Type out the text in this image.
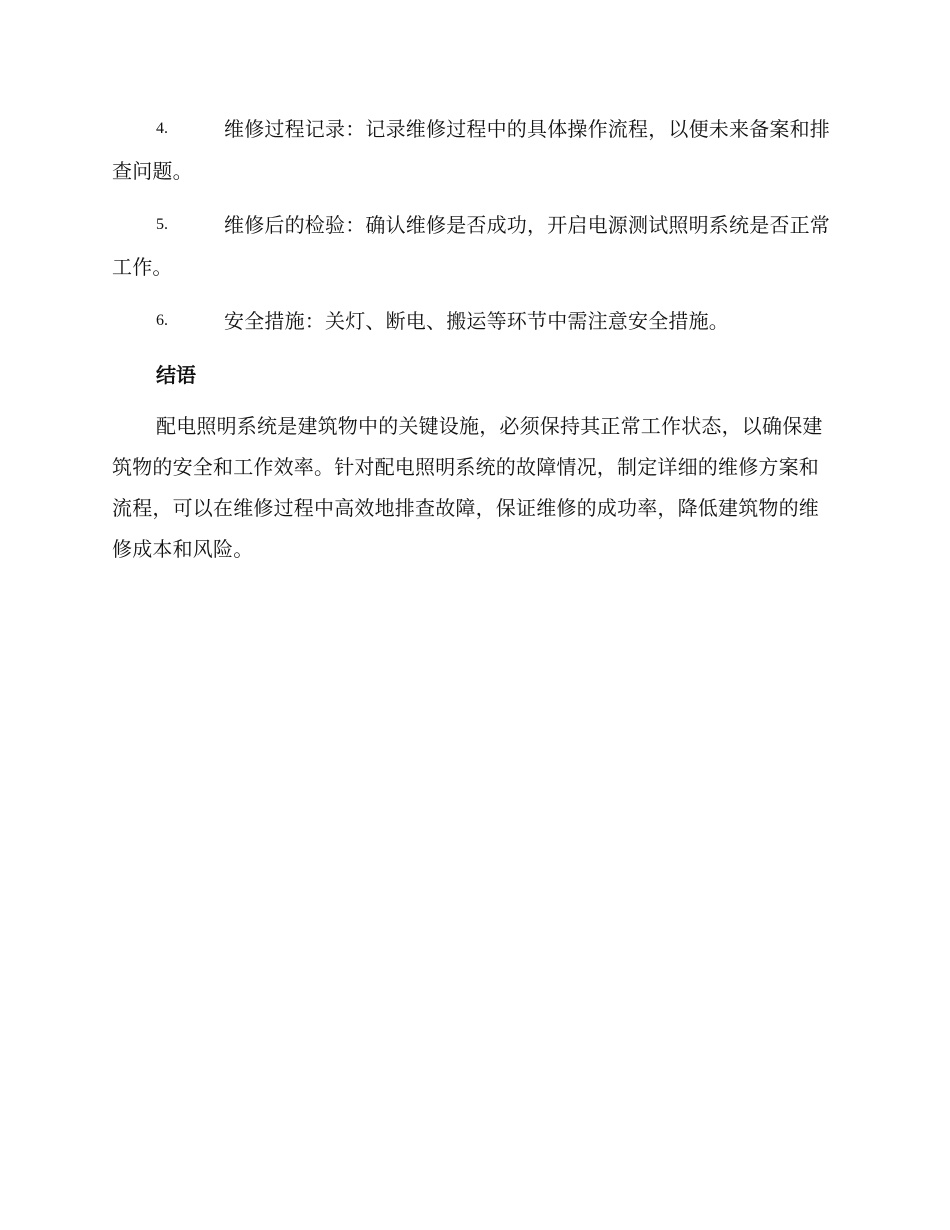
4.	维修过程记录：记录维修过程中的具体操作流程，以便未来备案和排查问题。
5.	维修后的检验：确认维修是否成功，开启电源测试照明系统是否正常工作。
6.	安全措施：关灯、断电、搬运等环节中需注意安全措施。
结语

配电照明系统是建筑物中的关键设施，必须保持其正常工作状态，以确保建筑物的安全和工作效率。针对配电照明系统的故障情况，制定详细的维修方案和流程，可以在维修过程中高效地排查故障，保证维修的成功率，降低建筑物的维修成本和风险。
